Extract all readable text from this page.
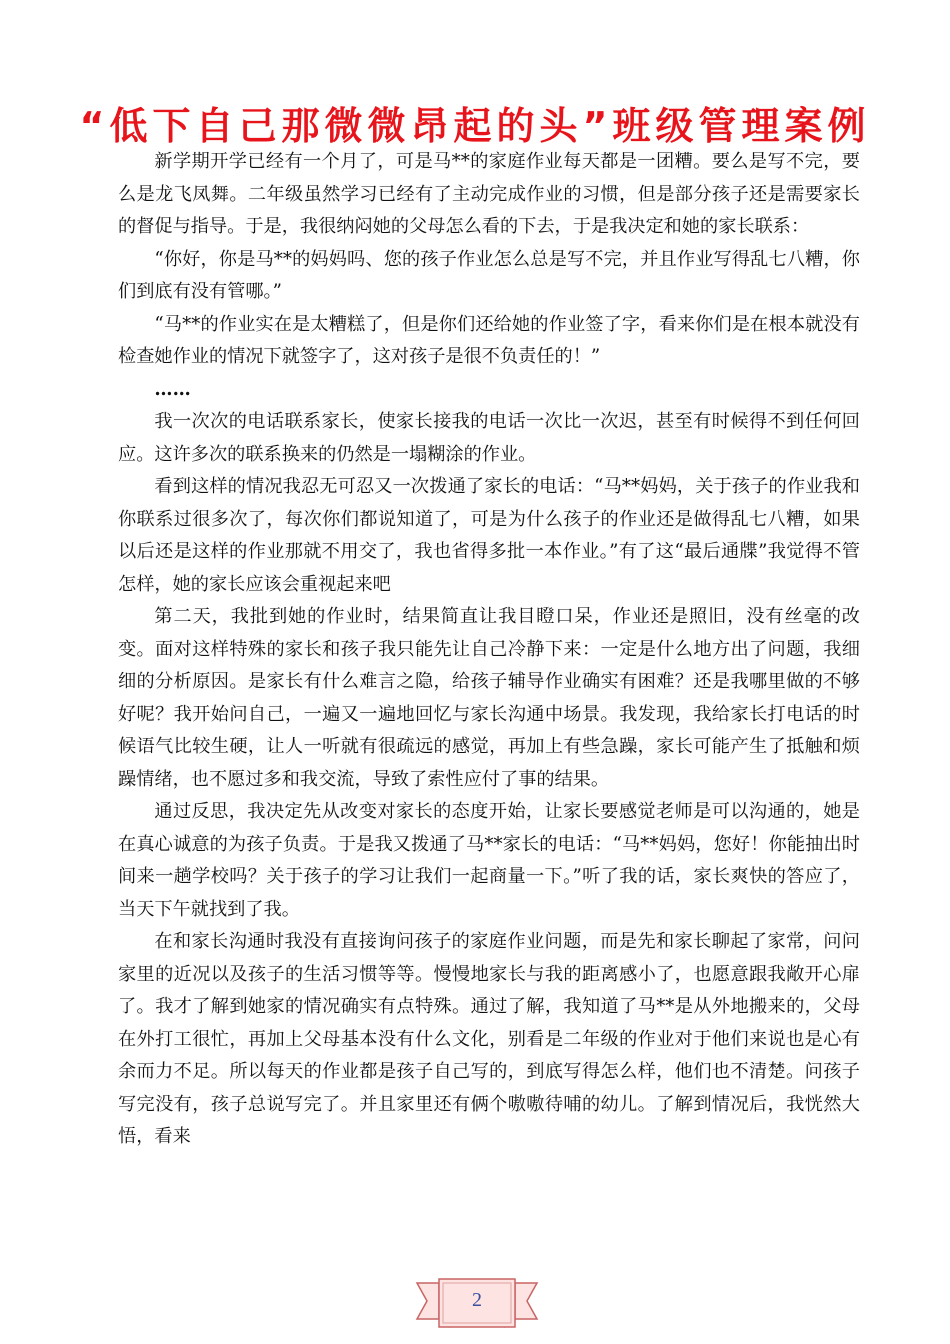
“低下自己那微微昂起的头”班级管理案例

新学期开学已经有一个月了，可是马**的家庭作业每天都是一团糟。要么是写不完，要么是龙飞凤舞。二年级虽然学习已经有了主动完成作业的习惯，但是部分孩子还是需要家长的督促与指导。于是，我很纳闷她的父母怎么看的下去，于是我决定和她的家长联系：

“你好，你是马**的妈妈吗、您的孩子作业怎么总是写不完，并且作业写得乱七八糟，你们到底有没有管哪。”

“马**的作业实在是太糟糕了，但是你们还给她的作业签了字，看来你们是在根本就没有检查她作业的情况下就签字了，这对孩子是很不负责任的！”

……

我一次次的电话联系家长，使家长接我的电话一次比一次迟，甚至有时候得不到任何回应。这许多次的联系换来的仍然是一塌糊涂的作业。

看到这样的情况我忍无可忍又一次拨通了家长的电话：“马**妈妈，关于孩子的作业我和你联系过很多次了，每次你们都说知道了，可是为什么孩子的作业还是做得乱七八糟，如果以后还是这样的作业那就不用交了，我也省得多批一本作业。”有了这“最后通牒”我觉得不管怎样，她的家长应该会重视起来吧

第二天，我批到她的作业时，结果简直让我目瞪口呆，作业还是照旧，没有丝毫的改变。面对这样特殊的家长和孩子我只能先让自己冷静下来：一定是什么地方出了问题，我细细的分析原因。是家长有什么难言之隐，给孩子辅导作业确实有困难？还是我哪里做的不够好呢？我开始问自己，一遍又一遍地回忆与家长沟通中场景。我发现，我给家长打电话的时候语气比较生硬，让人一听就有很疏远的感觉，再加上有些急躁，家长可能产生了抵触和烦躁情绪，也不愿过多和我交流，导致了索性应付了事的结果。

通过反思，我决定先从改变对家长的态度开始，让家长要感觉老师是可以沟通的，她是在真心诚意的为孩子负责。于是我又拨通了马**家长的电话：“马**妈妈，您好！你能抽出时间来一趟学校吗？关于孩子的学习让我们一起商量一下。”听了我的话，家长爽快的答应了，当天下午就找到了我。

在和家长沟通时我没有直接询问孩子的家庭作业问题，而是先和家长聊起了家常，问问家里的近况以及孩子的生活习惯等等。慢慢地家长与我的距离感小了，也愿意跟我敞开心扉了。我才了解到她家的情况确实有点特殊。通过了解，我知道了马**是从外地搬来的，父母在外打工很忙，再加上父母基本没有什么文化，别看是二年级的作业对于他们来说也是心有余而力不足。所以每天的作业都是孩子自己写的，到底写得怎么样，他们也不清楚。问孩子写完没有，孩子总说写完了。并且家里还有俩个嗷嗷待哺的幼儿。了解到情况后，我恍然大悟，看来

2
